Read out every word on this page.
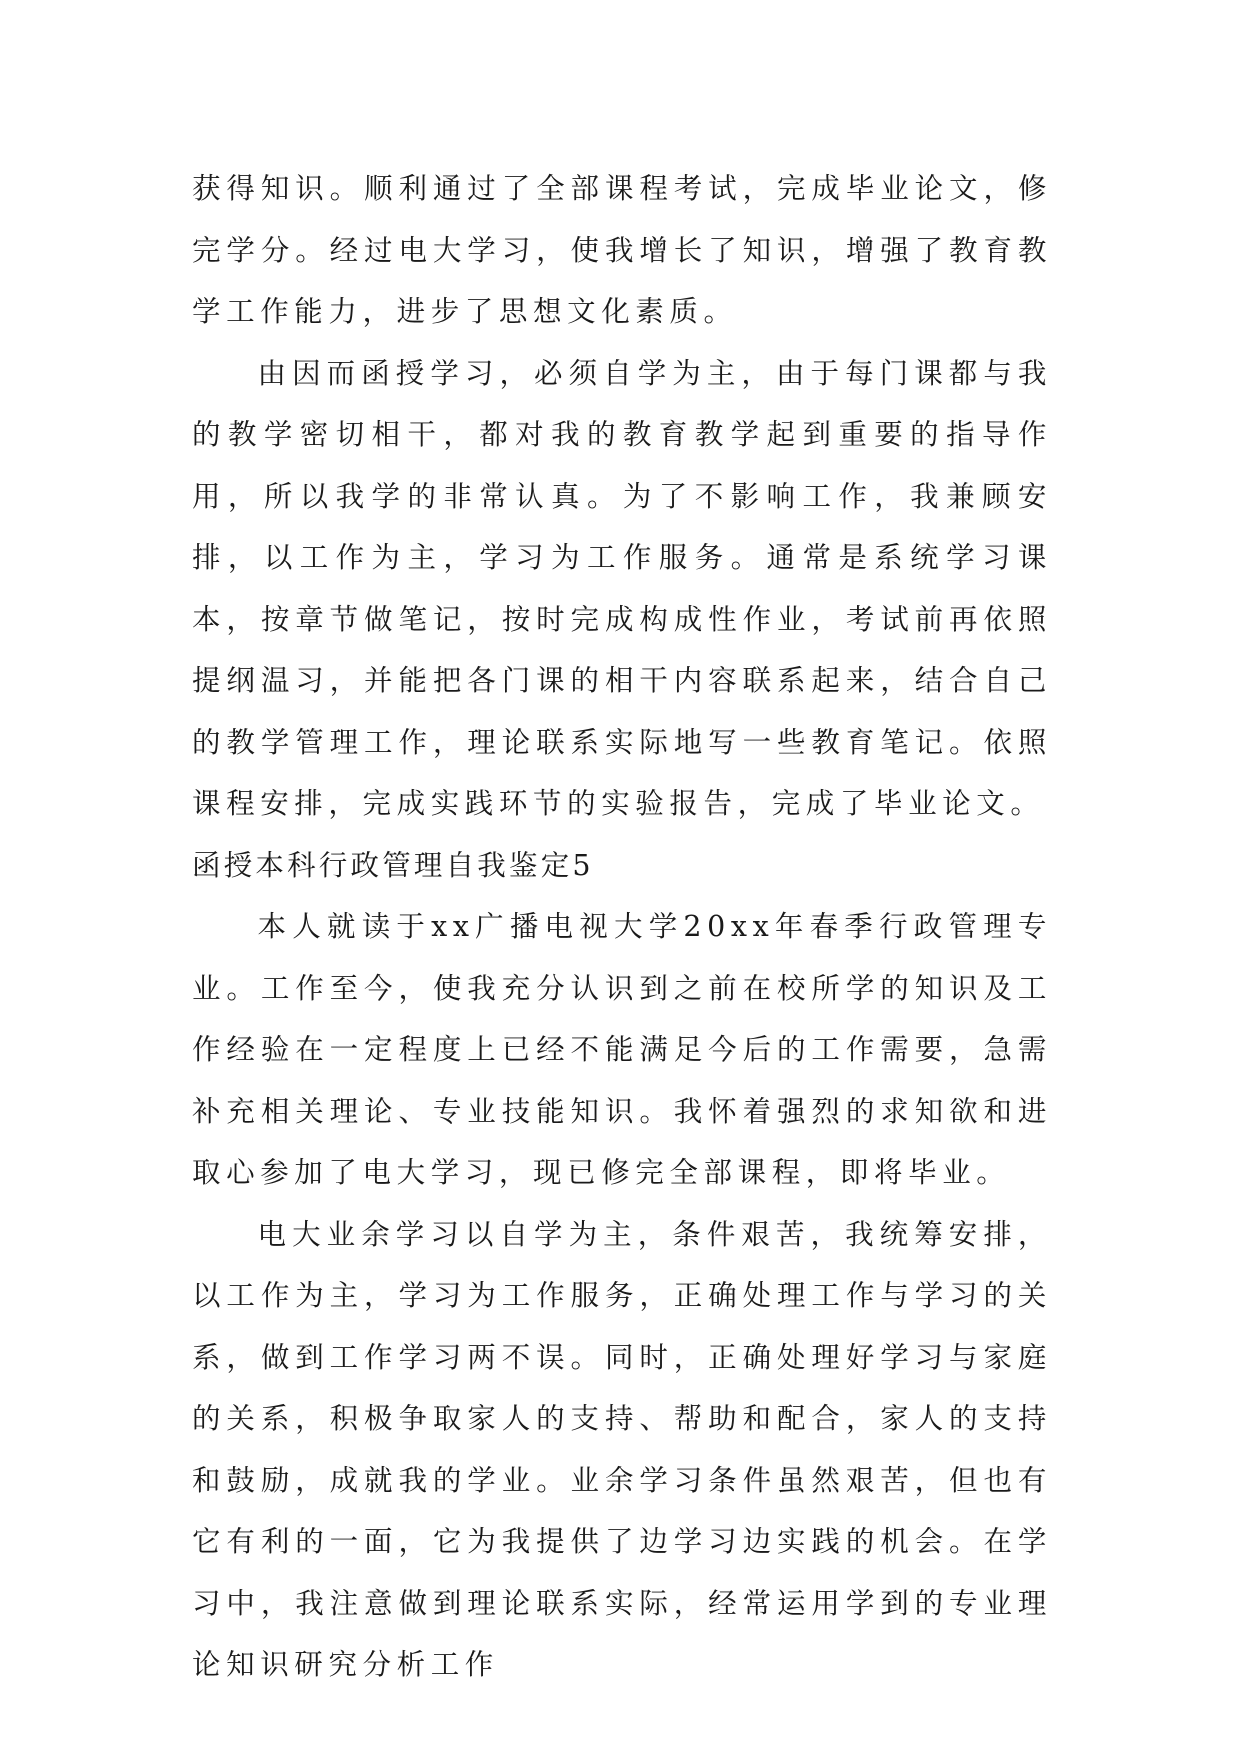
获得知识。顺利通过了全部课程考试，完成毕业论文，修完学分。经过电大学习，使我增长了知识，增强了教育教学工作能力，进步了思想文化素质。

由因而函授学习，必须自学为主，由于每门课都与我的教学密切相干，都对我的教育教学起到重要的指导作用，所以我学的非常认真。为了不影响工作，我兼顾安排，以工作为主，学习为工作服务。通常是系统学习课本，按章节做笔记，按时完成构成性作业，考试前再依照提纲温习，并能把各门课的相干内容联系起来，结合自己的教学管理工作，理论联系实际地写一些教育笔记。依照课程安排，完成实践环节的实验报告，完成了毕业论文。

函授本科行政管理自我鉴定5

本人就读于xx广播电视大学20xx年春季行政管理专业。工作至今，使我充分认识到之前在校所学的知识及工作经验在一定程度上已经不能满足今后的工作需要，急需补充相关理论、专业技能知识。我怀着强烈的求知欲和进取心参加了电大学习，现已修完全部课程，即将毕业。

电大业余学习以自学为主，条件艰苦，我统筹安排，以工作为主，学习为工作服务，正确处理工作与学习的关系，做到工作学习两不误。同时，正确处理好学习与家庭的关系，积极争取家人的支持、帮助和配合，家人的支持和鼓励，成就我的学业。业余学习条件虽然艰苦，但也有它有利的一面，它为我提供了边学习边实践的机会。在学习中，我注意做到理论联系实际，经常运用学到的专业理论知识研究分析工作
